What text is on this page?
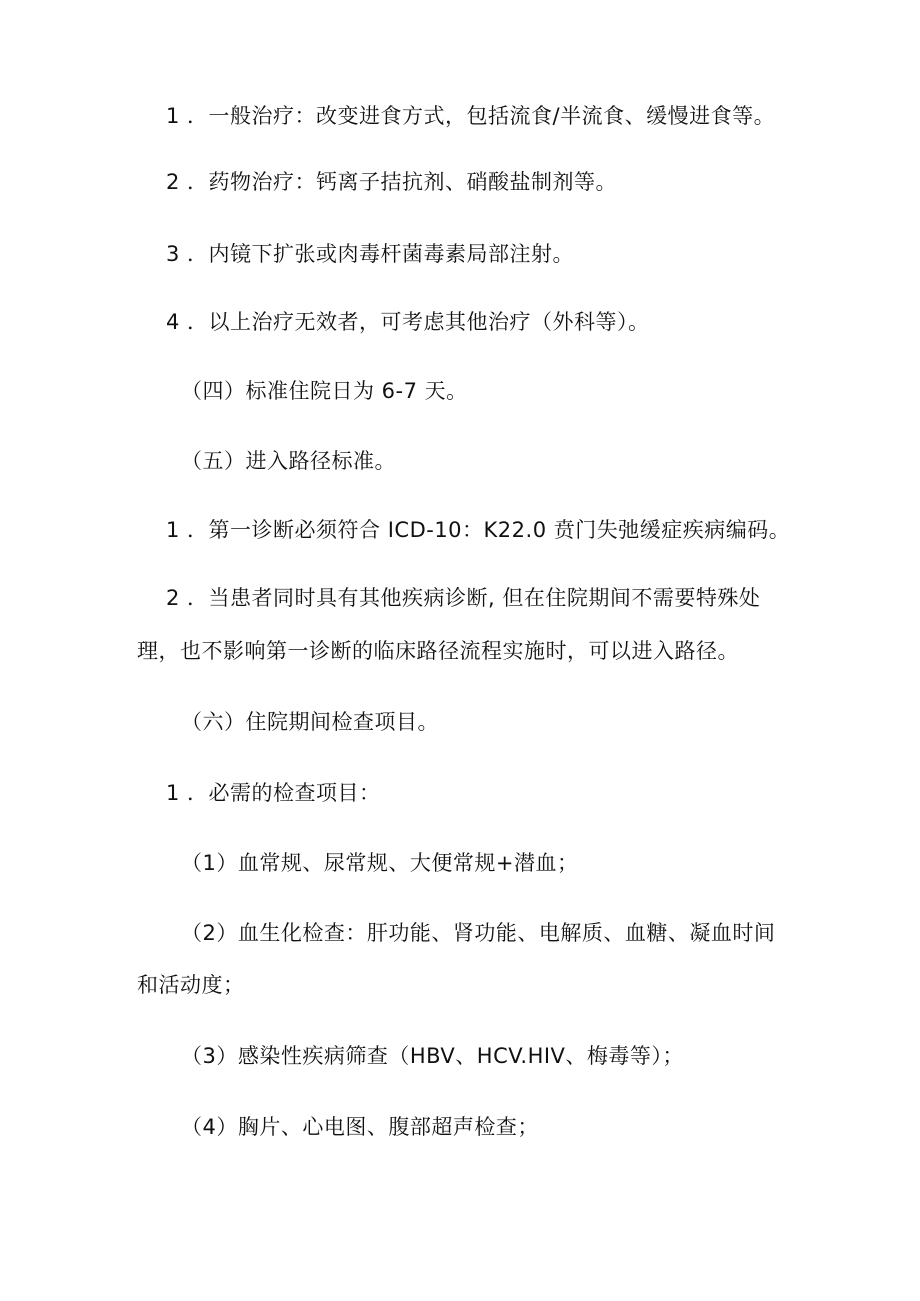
1 ．一般治疗：改变进食方式，包括流食/半流食、缓慢进食等。
2 ．药物治疗：钙离子拮抗剂、硝酸盐制剂等。
3 ．内镜下扩张或肉毒杆菌毒素局部注射。
4 ．以上治疗无效者，可考虑其他治疗（外科等）。
（四）标准住院日为 6-7 天。
（五）进入路径标准。
1 ．第一诊断必须符合 ICD-10：K22.0 贲门失弛缓症疾病编码。
2 ．当患者同时具有其他疾病诊断, 但在住院期间不需要特殊处
理，也不影响第一诊断的临床路径流程实施时，可以进入路径。
（六）住院期间检查项目。
1 ．必需的检查项目：
（1）血常规、尿常规、大便常规+潜血；
（2）血生化检查：肝功能、肾功能、电解质、血糖、凝血时间
和活动度；
（3）感染性疾病筛查（HBV、HCV.HIV、梅毒等）；
（4）胸片、心电图、腹部超声检查；
